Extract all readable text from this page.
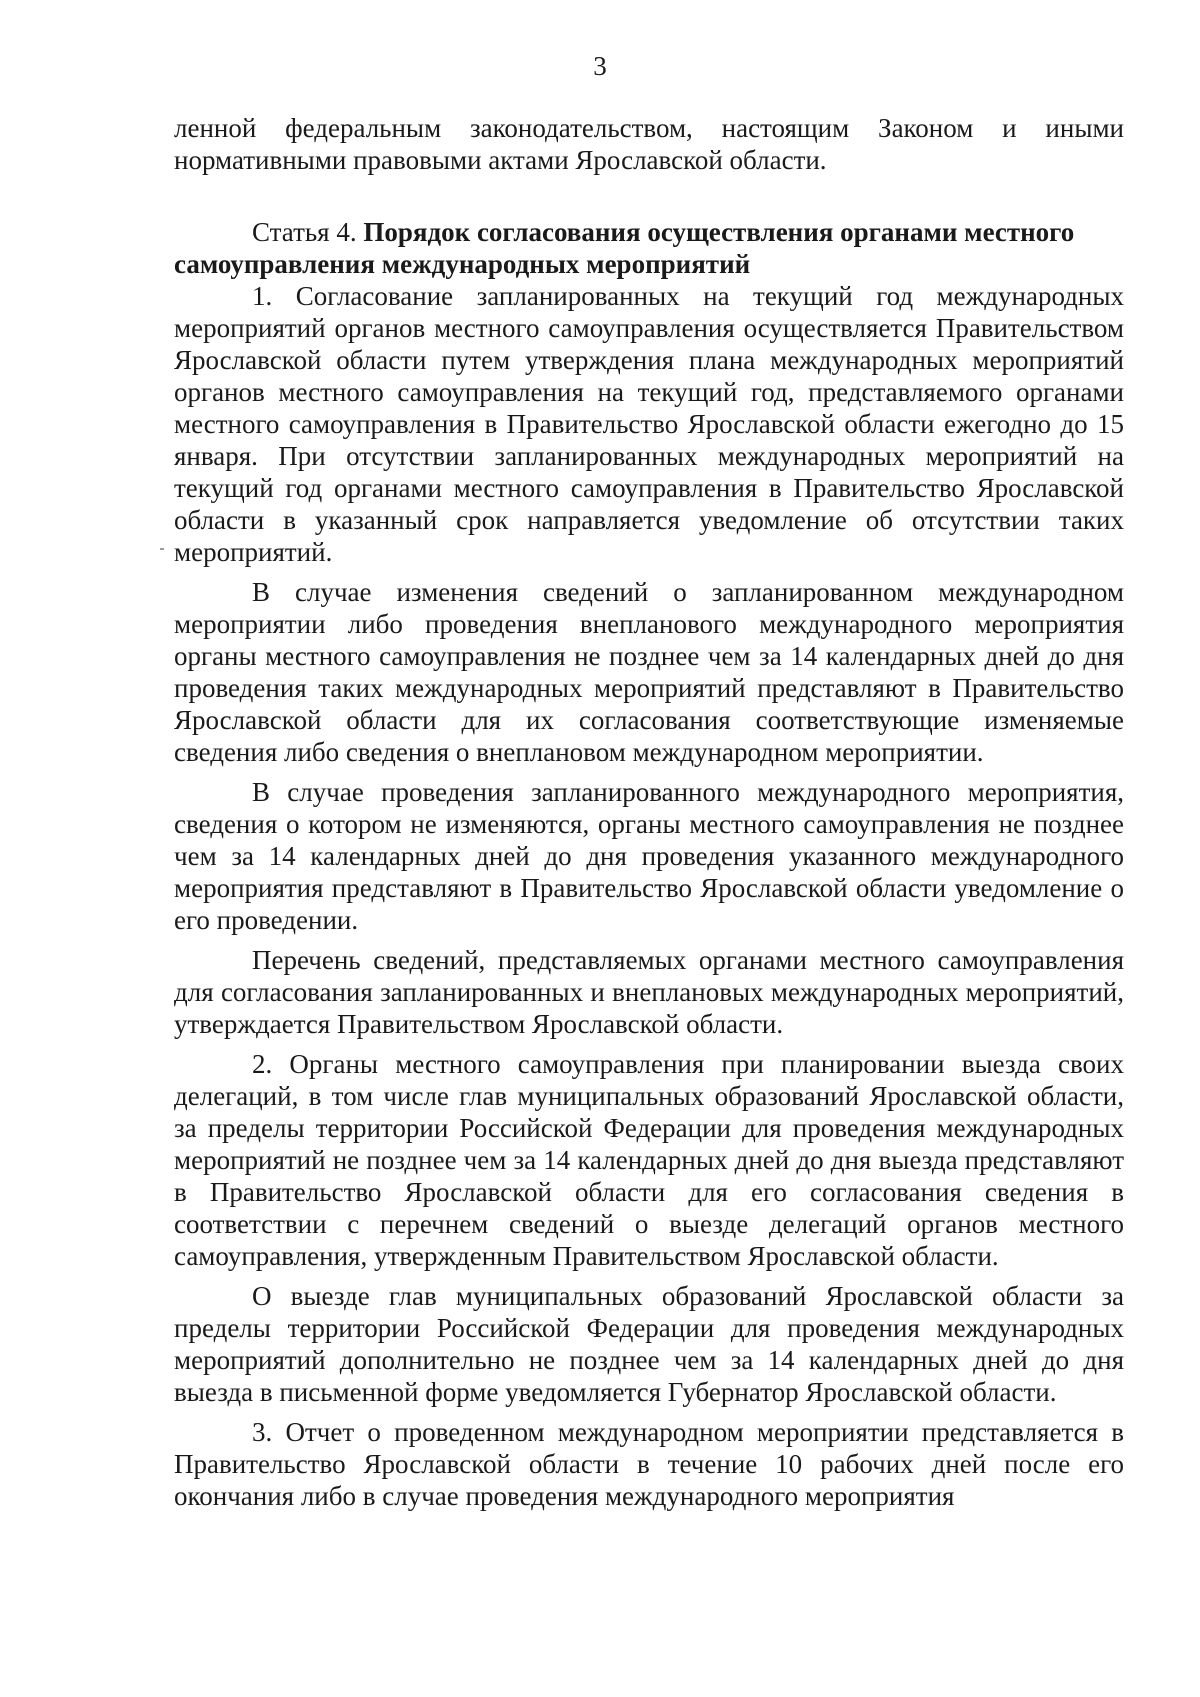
3

ленной федеральным законодательством, настоящим Законом и иными нормативными правовыми актами Ярославской области.

Статья 4. Порядок согласования осуществления органами местного самоуправления международных мероприятий

1. Согласование запланированных на текущий год международных мероприятий органов местного самоуправления осуществляется Правительством Ярославской области путем утверждения плана международных мероприятий органов местного самоуправления на текущий год, представляемого органами местного самоуправления в Правительство Ярославской области ежегодно до 15 января. При отсутствии запланированных международных мероприятий на текущий год органами местного самоуправления в Правительство Ярославской области в указанный срок направляется уведомление об отсутствии таких мероприятий.

В случае изменения сведений о запланированном международном мероприятии либо проведения внепланового международного мероприятия органы местного самоуправления не позднее чем за 14 календарных дней до дня проведения таких международных мероприятий представляют в Правительство Ярославской области для их согласования соответствующие изменяемые сведения либо сведения о внеплановом международном мероприятии.

В случае проведения запланированного международного мероприятия, сведения о котором не изменяются, органы местного самоуправления не позднее чем за 14 календарных дней до дня проведения указанного международного мероприятия представляют в Правительство Ярославской области уведомление о его проведении.

Перечень сведений, представляемых органами местного самоуправления для согласования запланированных и внеплановых международных мероприятий, утверждается Правительством Ярославской области.

2. Органы местного самоуправления при планировании выезда своих делегаций, в том числе глав муниципальных образований Ярославской области, за пределы территории Российской Федерации для проведения международных мероприятий не позднее чем за 14 календарных дней до дня выезда представляют в Правительство Ярославской области для его согласования сведения в соответствии с перечнем сведений о выезде делегаций органов местного самоуправления, утвержденным Правительством Ярославской области.

О выезде глав муниципальных образований Ярославской области за пределы территории Российской Федерации для проведения международных мероприятий дополнительно не позднее чем за 14 календарных дней до дня выезда в письменной форме уведомляется Губернатор Ярославской области.

3. Отчет о проведенном международном мероприятии представляется в Правительство Ярославской области в течение 10 рабочих дней после его окончания либо в случае проведения международного мероприятия
